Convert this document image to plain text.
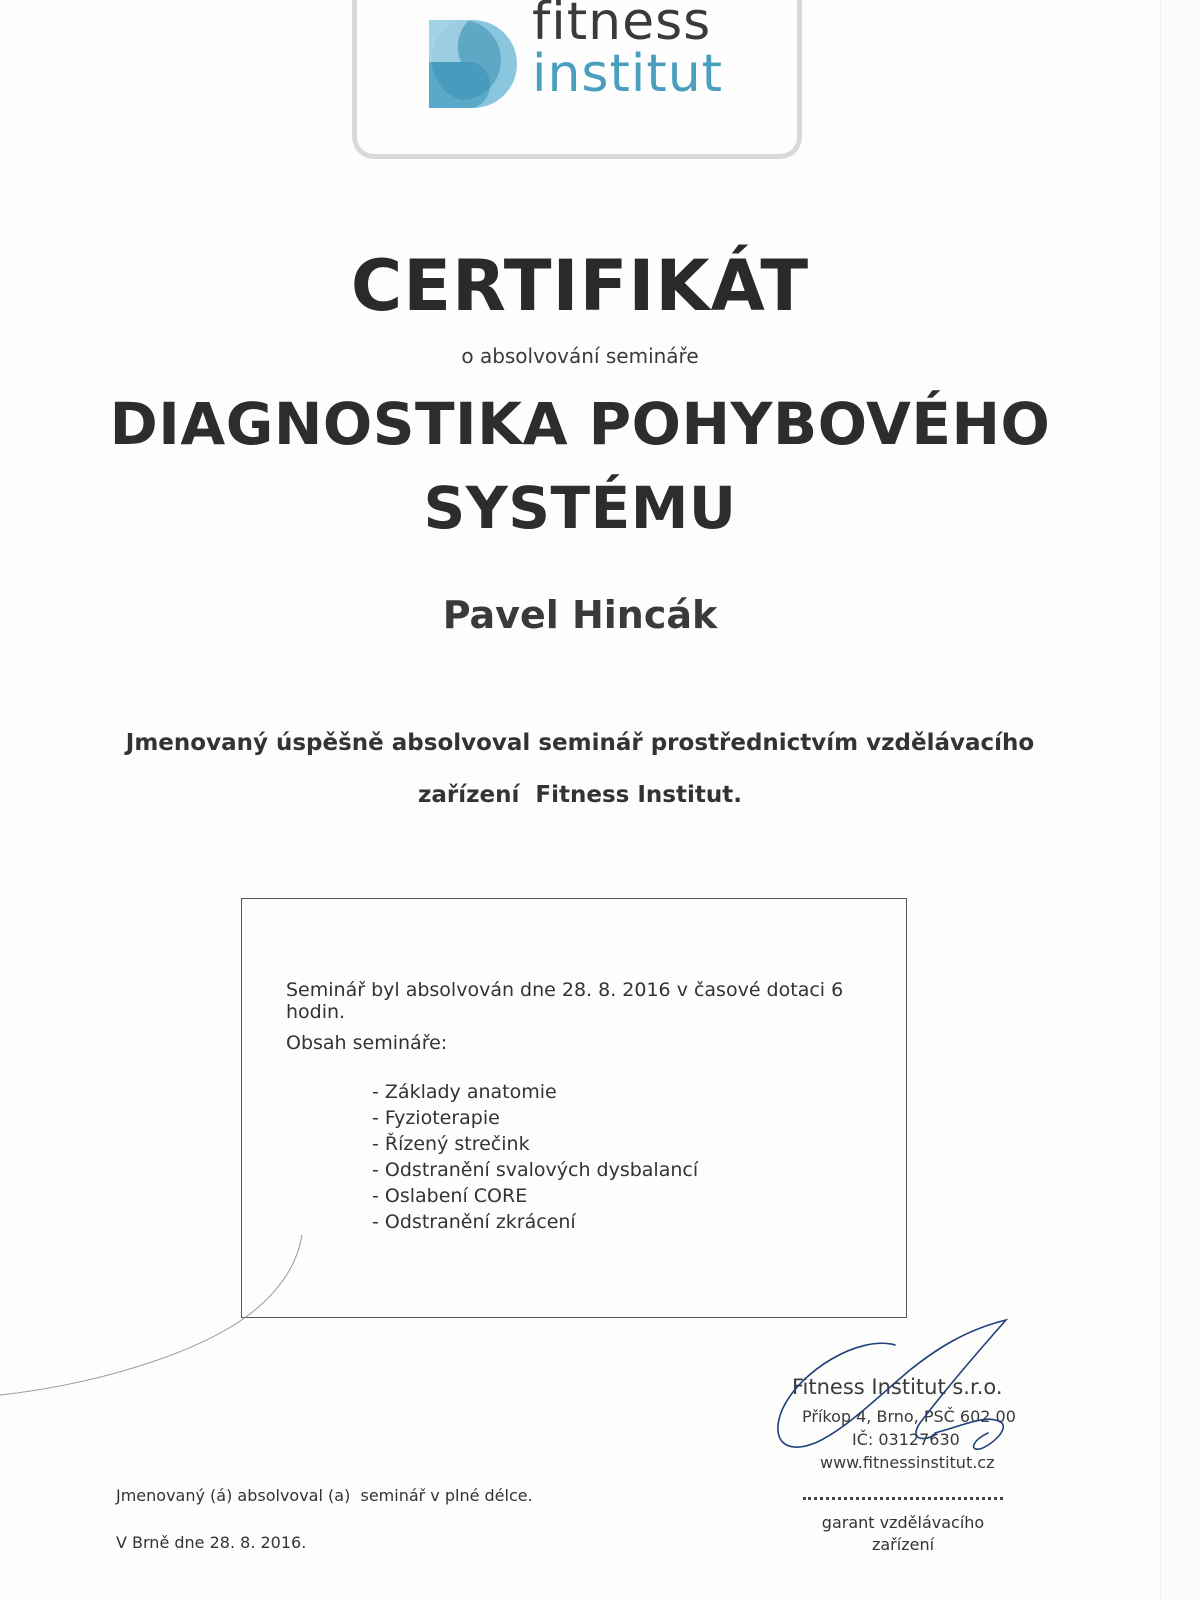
fitness
institut
CERTIFIKÁT
o absolvování semináře
DIAGNOSTIKA POHYBOVÉHO
SYSTÉMU
Pavel Hincák
Jmenovaný úspěšně absolvoval seminář prostřednictvím vzdělávacího
zařízení  Fitness Institut.
Seminář byl absolvován dne 28. 8. 2016 v časové dotaci 6 hodin.
Obsah semináře:
- Základy anatomie
- Fyzioterapie
- Řízený strečink
- Odstranění svalových dysbalancí
- Oslabení CORE
- Odstranění zkrácení
Fitness Institut s.r.o.
Příkop 4, Brno, PSČ 602 00
IČ: 03127630
www.fitnessinstitut.cz
garant vzdělávacího
zařízení
Jmenovaný (á) absolvoval (a)  seminář v plné délce.
V Brně dne 28. 8. 2016.
